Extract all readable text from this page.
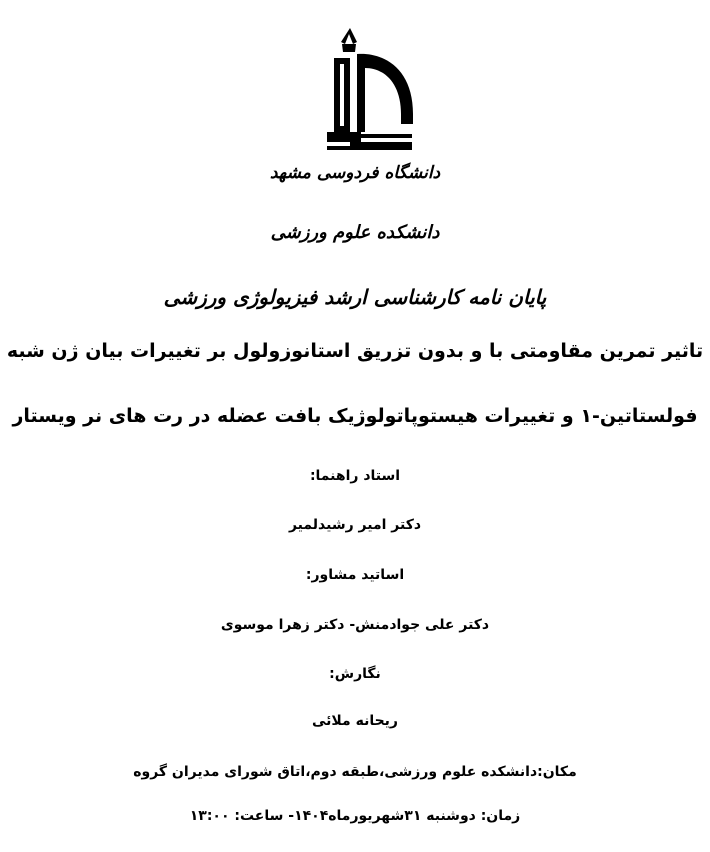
دانشگاه فردوسی مشهد
دانشکده علوم ورزشی
پایان نامه کارشناسی ارشد فیزیولوژی ورزشی
تاثیر تمرین مقاومتی با و بدون تزریق استانوزولول بر تغییرات بیان ژن شبه
فولستاتین-۱ و تغییرات هیستوپاتولوژیک بافت عضله در رت های نر ویستار
استاد راهنما:
دکتر امیر رشیدلمیر
اساتید مشاور:
دکتر علی جوادمنش- دکتر زهرا موسوی
نگارش:
ریحانه ملائی
مکان:دانشکده علوم ورزشی،طبقه دوم،اتاق شورای مدیران گروه
زمان: دوشنبه ۳۱شهریورماه۱۴۰۴- ساعت: ۱۳:۰۰
